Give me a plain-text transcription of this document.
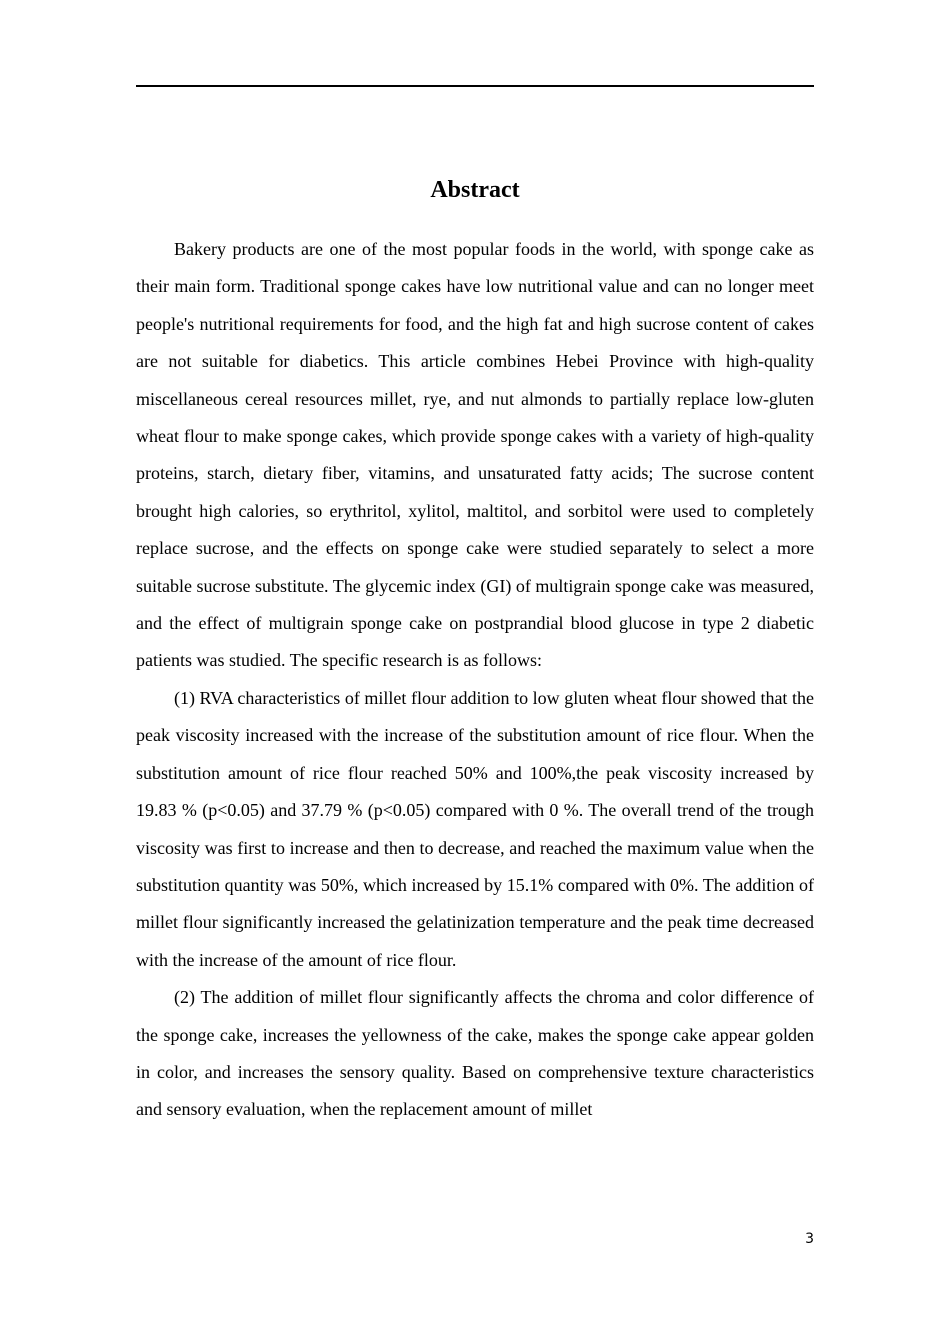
Abstract

Bakery products are one of the most popular foods in the world, with sponge cake as their main form. Traditional sponge cakes have low nutritional value and can no longer meet people's nutritional requirements for food, and the high fat and high sucrose content of cakes are not suitable for diabetics. This article combines Hebei Province with high-quality miscellaneous cereal resources millet, rye, and nut almonds to partially replace low-gluten wheat flour to make sponge cakes, which provide sponge cakes with a variety of high-quality proteins, starch, dietary fiber, vitamins, and unsaturated fatty acids; The sucrose content brought high calories, so erythritol, xylitol, maltitol, and sorbitol were used to completely replace sucrose, and the effects on sponge cake were studied separately to select a more suitable sucrose substitute. The glycemic index (GI) of multigrain sponge cake was measured, and the effect of multigrain sponge cake on postprandial blood glucose in type 2 diabetic patients was studied. The specific research is as follows:

(1) RVA characteristics of millet flour addition to low gluten wheat flour showed that the peak viscosity increased with the increase of the substitution amount of rice flour. When the substitution amount of rice flour reached 50% and 100%,the peak viscosity increased by 19.83 % (p<0.05) and 37.79 % (p<0.05) compared with 0 %. The overall trend of the trough viscosity was first to increase and then to decrease, and reached the maximum value when the substitution quantity was 50%, which increased by 15.1% compared with 0%. The addition of millet flour significantly increased the gelatinization temperature and the peak time decreased with the increase of the amount of rice flour.

(2) The addition of millet flour significantly affects the chroma and color difference of the sponge cake, increases the yellowness of the cake, makes the sponge cake appear golden in color, and increases the sensory quality. Based on comprehensive texture characteristics and sensory evaluation, when the replacement amount of millet

3
